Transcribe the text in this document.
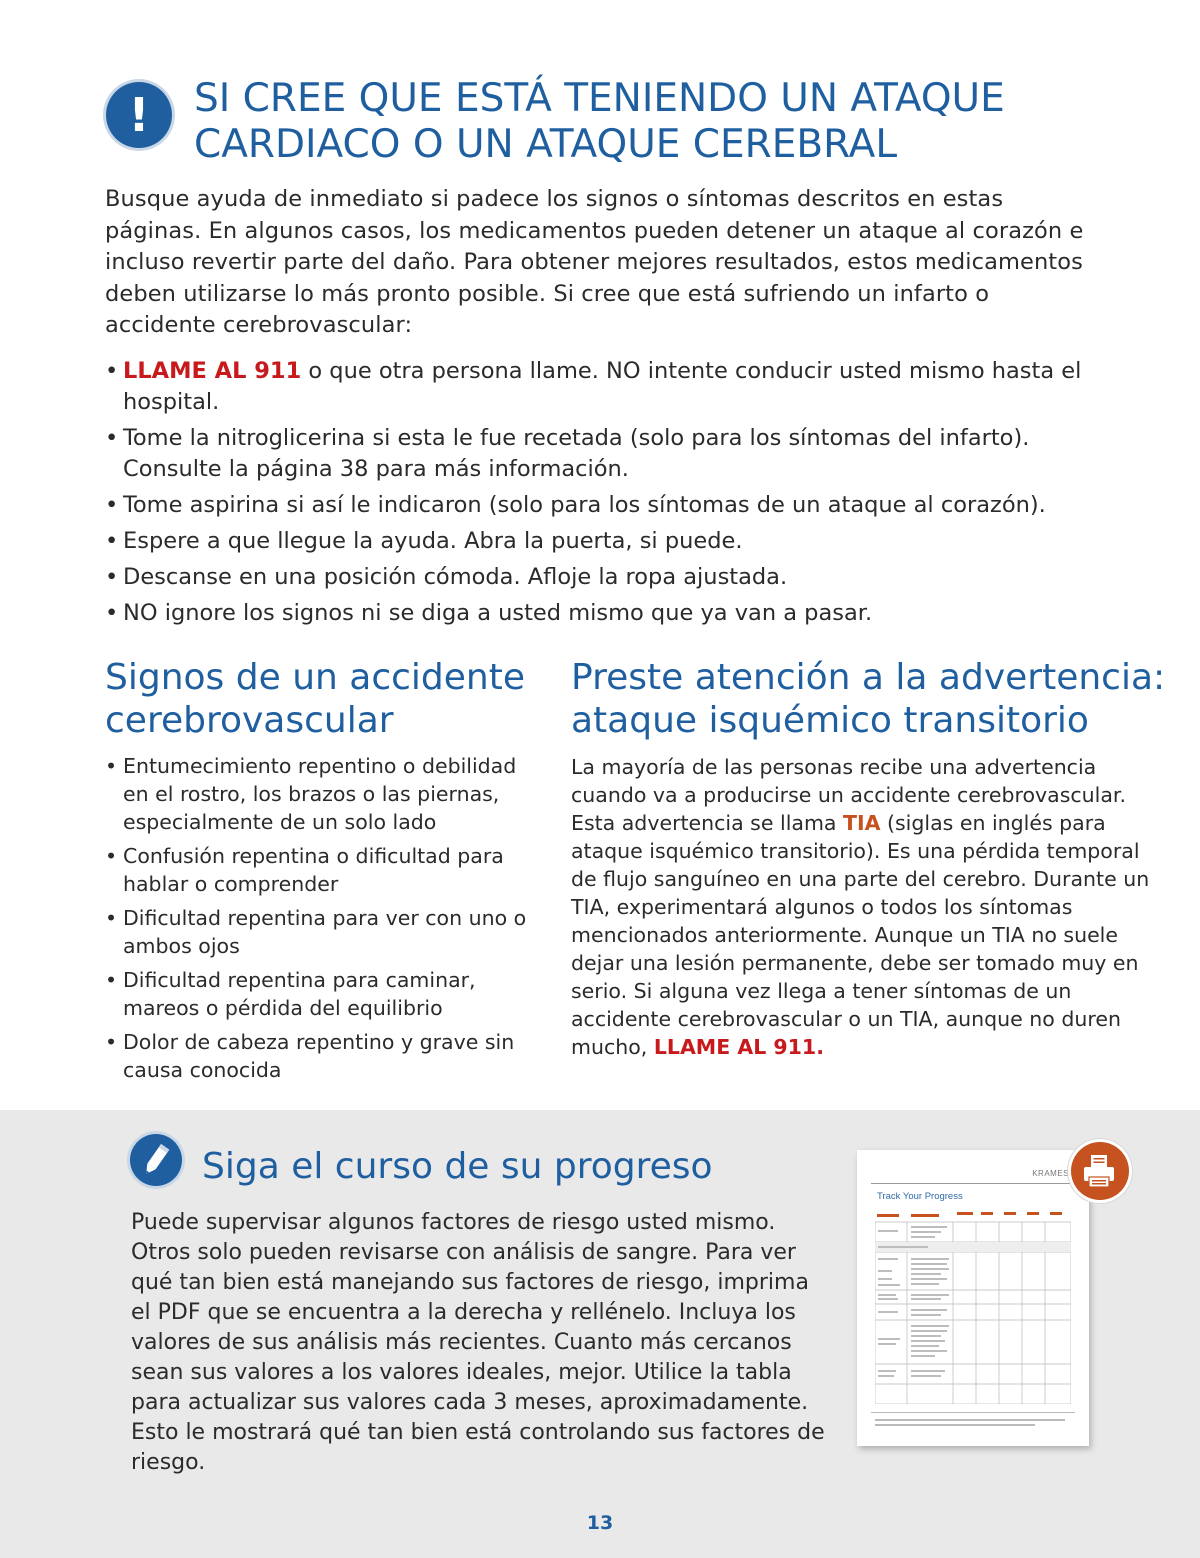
!	SI CREE QUE ESTÁ TENIENDO UN ATAQUE
CARDIACO O UN ATAQUE CEREBRAL

Busque ayuda de inmediato si padece los signos o síntomas descritos en estas páginas. En algunos casos, los medicamentos pueden detener un ataque al corazón e incluso revertir parte del daño. Para obtener mejores resultados, estos medicamentos deben utilizarse lo más pronto posible. Si cree que está sufriendo un infarto o accidente cerebrovascular:

• LLAME AL 911 o que otra persona llame. NO intente conducir usted mismo hasta el hospital.
• Tome la nitroglicerina si esta le fue recetada (solo para los síntomas del infarto). Consulte la página 38 para más información.
• Tome aspirina si así le indicaron (solo para los síntomas de un ataque al corazón).
• Espere a que llegue la ayuda. Abra la puerta, si puede.
• Descanse en una posición cómoda. Afloje la ropa ajustada.
• NO ignore los signos ni se diga a usted mismo que ya van a pasar.
Signos de un accidente cerebrovascular
• Entumecimiento repentino o debilidad en el rostro, los brazos o las piernas, especialmente de un solo lado
• Confusión repentina o dificultad para hablar o comprender
• Dificultad repentina para ver con uno o ambos ojos
• Dificultad repentina para caminar, mareos o pérdida del equilibrio
• Dolor de cabeza repentino y grave sin causa conocida
Preste atención a la advertencia: ataque isquémico transitorio

La mayoría de las personas recibe una advertencia cuando va a producirse un accidente cerebrovascular. Esta advertencia se llama TIA (siglas en inglés para ataque isquémico transitorio). Es una pérdida temporal de flujo sanguíneo en una parte del cerebro. Durante un TIA, experimentará algunos o todos los síntomas mencionados anteriormente. Aunque un TIA no suele dejar una lesión permanente, debe ser tomado muy en serio. Si alguna vez llega a tener síntomas de un accidente cerebrovascular o un TIA, aunque no duren mucho, LLAME AL 911.

Siga el curso de su progreso

Puede supervisar algunos factores de riesgo usted mismo. Otros solo pueden revisarse con análisis de sangre. Para ver qué tan bien está manejando sus factores de riesgo, imprima el PDF que se encuentra a la derecha y rellénelo. Incluya los valores de sus análisis más recientes. Cuanto más cercanos sean sus valores a los valores ideales, mejor. Utilice la tabla para actualizar sus valores cada 3 meses, aproximadamente. Esto le mostrará qué tan bien está controlando sus factores de riesgo.

KRAMES
Track Your Progress
13
